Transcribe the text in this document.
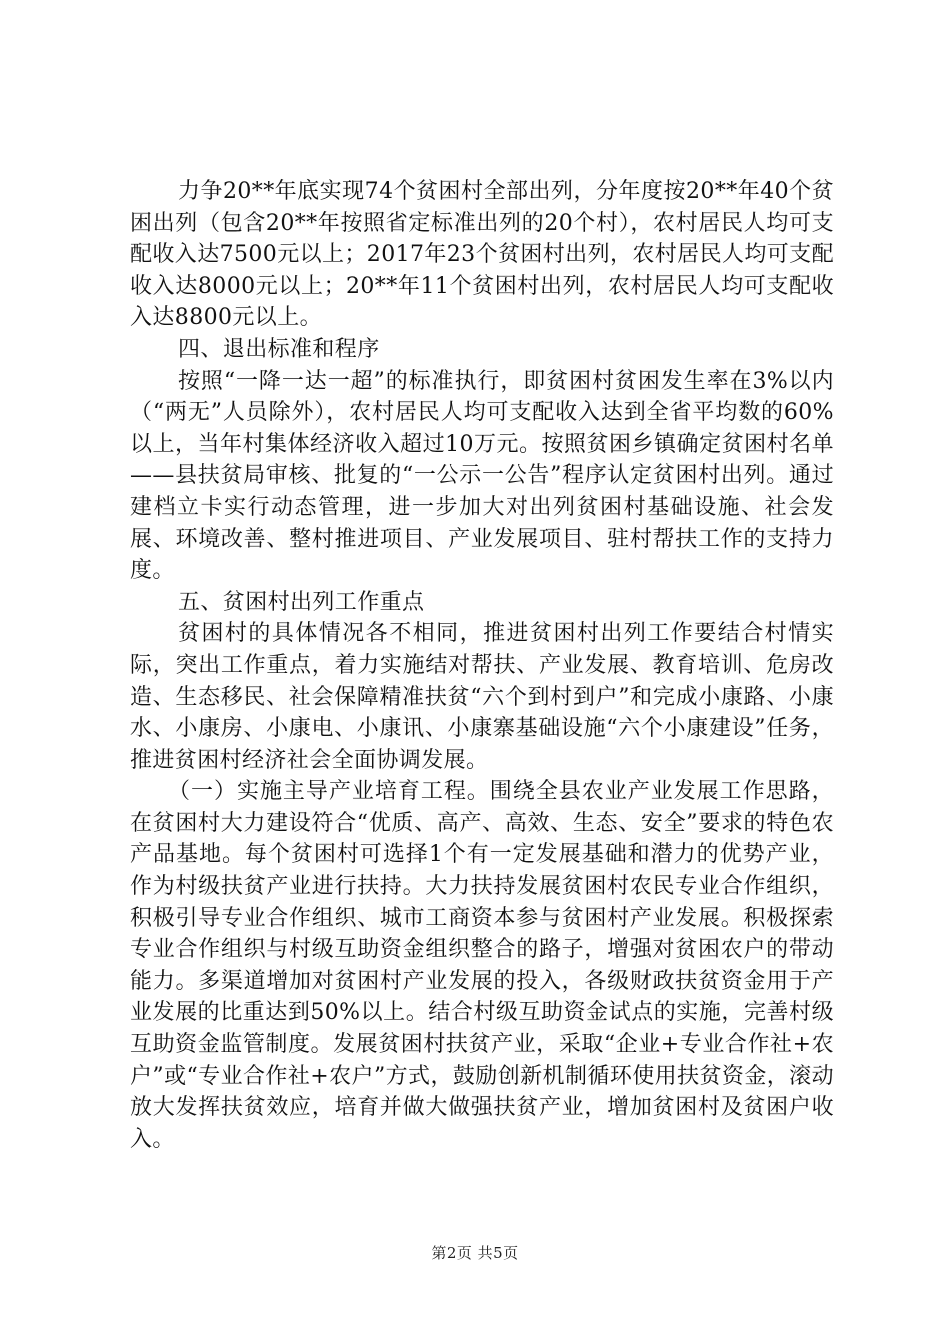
力争20**年底实现74个贫困村全部出列，分年度按20**年40个贫困出列（包含20**年按照省定标准出列的20个村），农村居民人均可支配收入达7500元以上；2017年23个贫困村出列，农村居民人均可支配收入达8000元以上；20**年11个贫困村出列，农村居民人均可支配收入达8800元以上。

四、退出标准和程序

按照“一降一达一超”的标准执行，即贫困村贫困发生率在3%以内（“两无”人员除外），农村居民人均可支配收入达到全省平均数的60%以上，当年村集体经济收入超过10万元。按照贫困乡镇确定贫困村名单——县扶贫局审核、批复的“一公示一公告”程序认定贫困村出列。通过建档立卡实行动态管理，进一步加大对出列贫困村基础设施、社会发展、环境改善、整村推进项目、产业发展项目、驻村帮扶工作的支持力度。

五、贫困村出列工作重点

贫困村的具体情况各不相同，推进贫困村出列工作要结合村情实际，突出工作重点，着力实施结对帮扶、产业发展、教育培训、危房改造、生态移民、社会保障精准扶贫“六个到村到户”和完成小康路、小康水、小康房、小康电、小康讯、小康寨基础设施“六个小康建设”任务，推进贫困村经济社会全面协调发展。

（一）实施主导产业培育工程。围绕全县农业产业发展工作思路，在贫困村大力建设符合“优质、高产、高效、生态、安全”要求的特色农产品基地。每个贫困村可选择1个有一定发展基础和潜力的优势产业，作为村级扶贫产业进行扶持。大力扶持发展贫困村农民专业合作组织，积极引导专业合作组织、城市工商资本参与贫困村产业发展。积极探索专业合作组织与村级互助资金组织整合的路子，增强对贫困农户的带动能力。多渠道增加对贫困村产业发展的投入，各级财政扶贫资金用于产业发展的比重达到50%以上。结合村级互助资金试点的实施，完善村级互助资金监管制度。发展贫困村扶贫产业，采取“企业+专业合作社+农户”或“专业合作社+农户”方式，鼓励创新机制循环使用扶贫资金，滚动放大发挥扶贫效应，培育并做大做强扶贫产业，增加贫困村及贫困户收入。

第2页 共5页
